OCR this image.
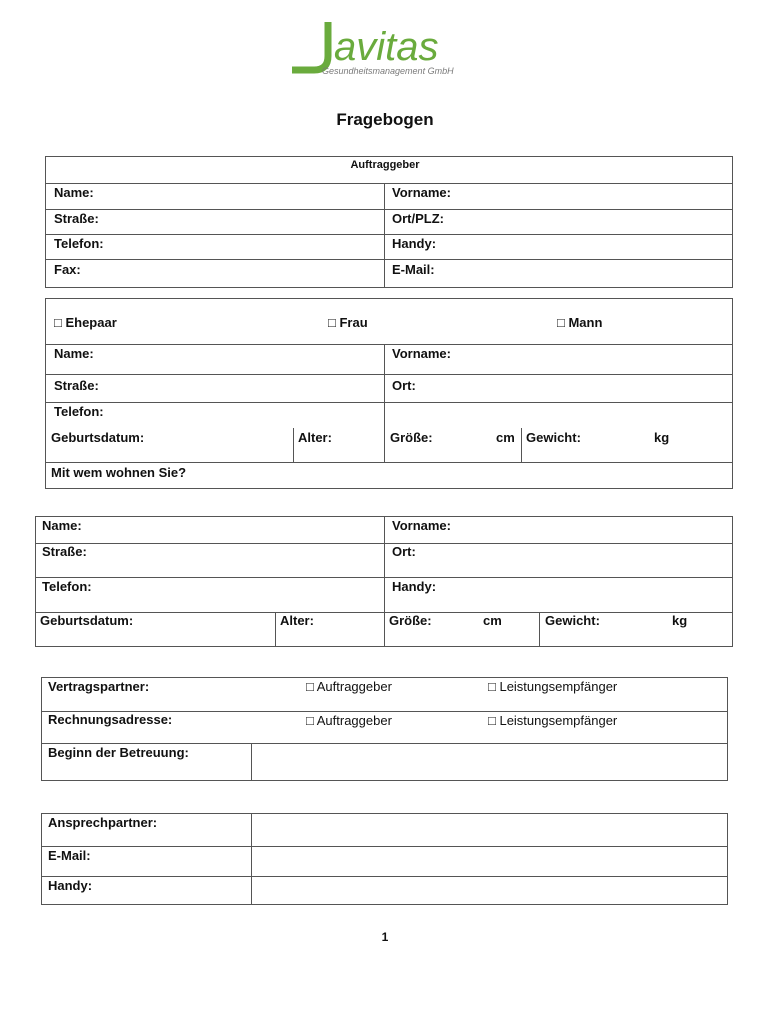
avitas
Gesundheitsmanagement GmbH
Fragebogen
Auftraggeber
Name:	Vorname:
Straße:	Ort/PLZ:
Telefon:	Handy:
Fax:	E-Mail:
□ Ehepaar	□ Frau	□ Mann
Name:	Vorname:
Straße:	Ort:
Telefon:
Geburtsdatum:	Alter:	Größe:	cm Gewicht:	kg
Mit wem wohnen Sie?
Name:	Vorname:
Straße:	Ort:
Telefon:	Handy:
Geburtsdatum:	Alter:	Größe:	cm	Gewicht:	kg
Vertragspartner:	□ Auftraggeber	□ Leistungsempfänger
Rechnungsadresse:	□ Auftraggeber	□ Leistungsempfänger
Beginn der Betreuung:
Ansprechpartner:
E-Mail:
Handy:
1
